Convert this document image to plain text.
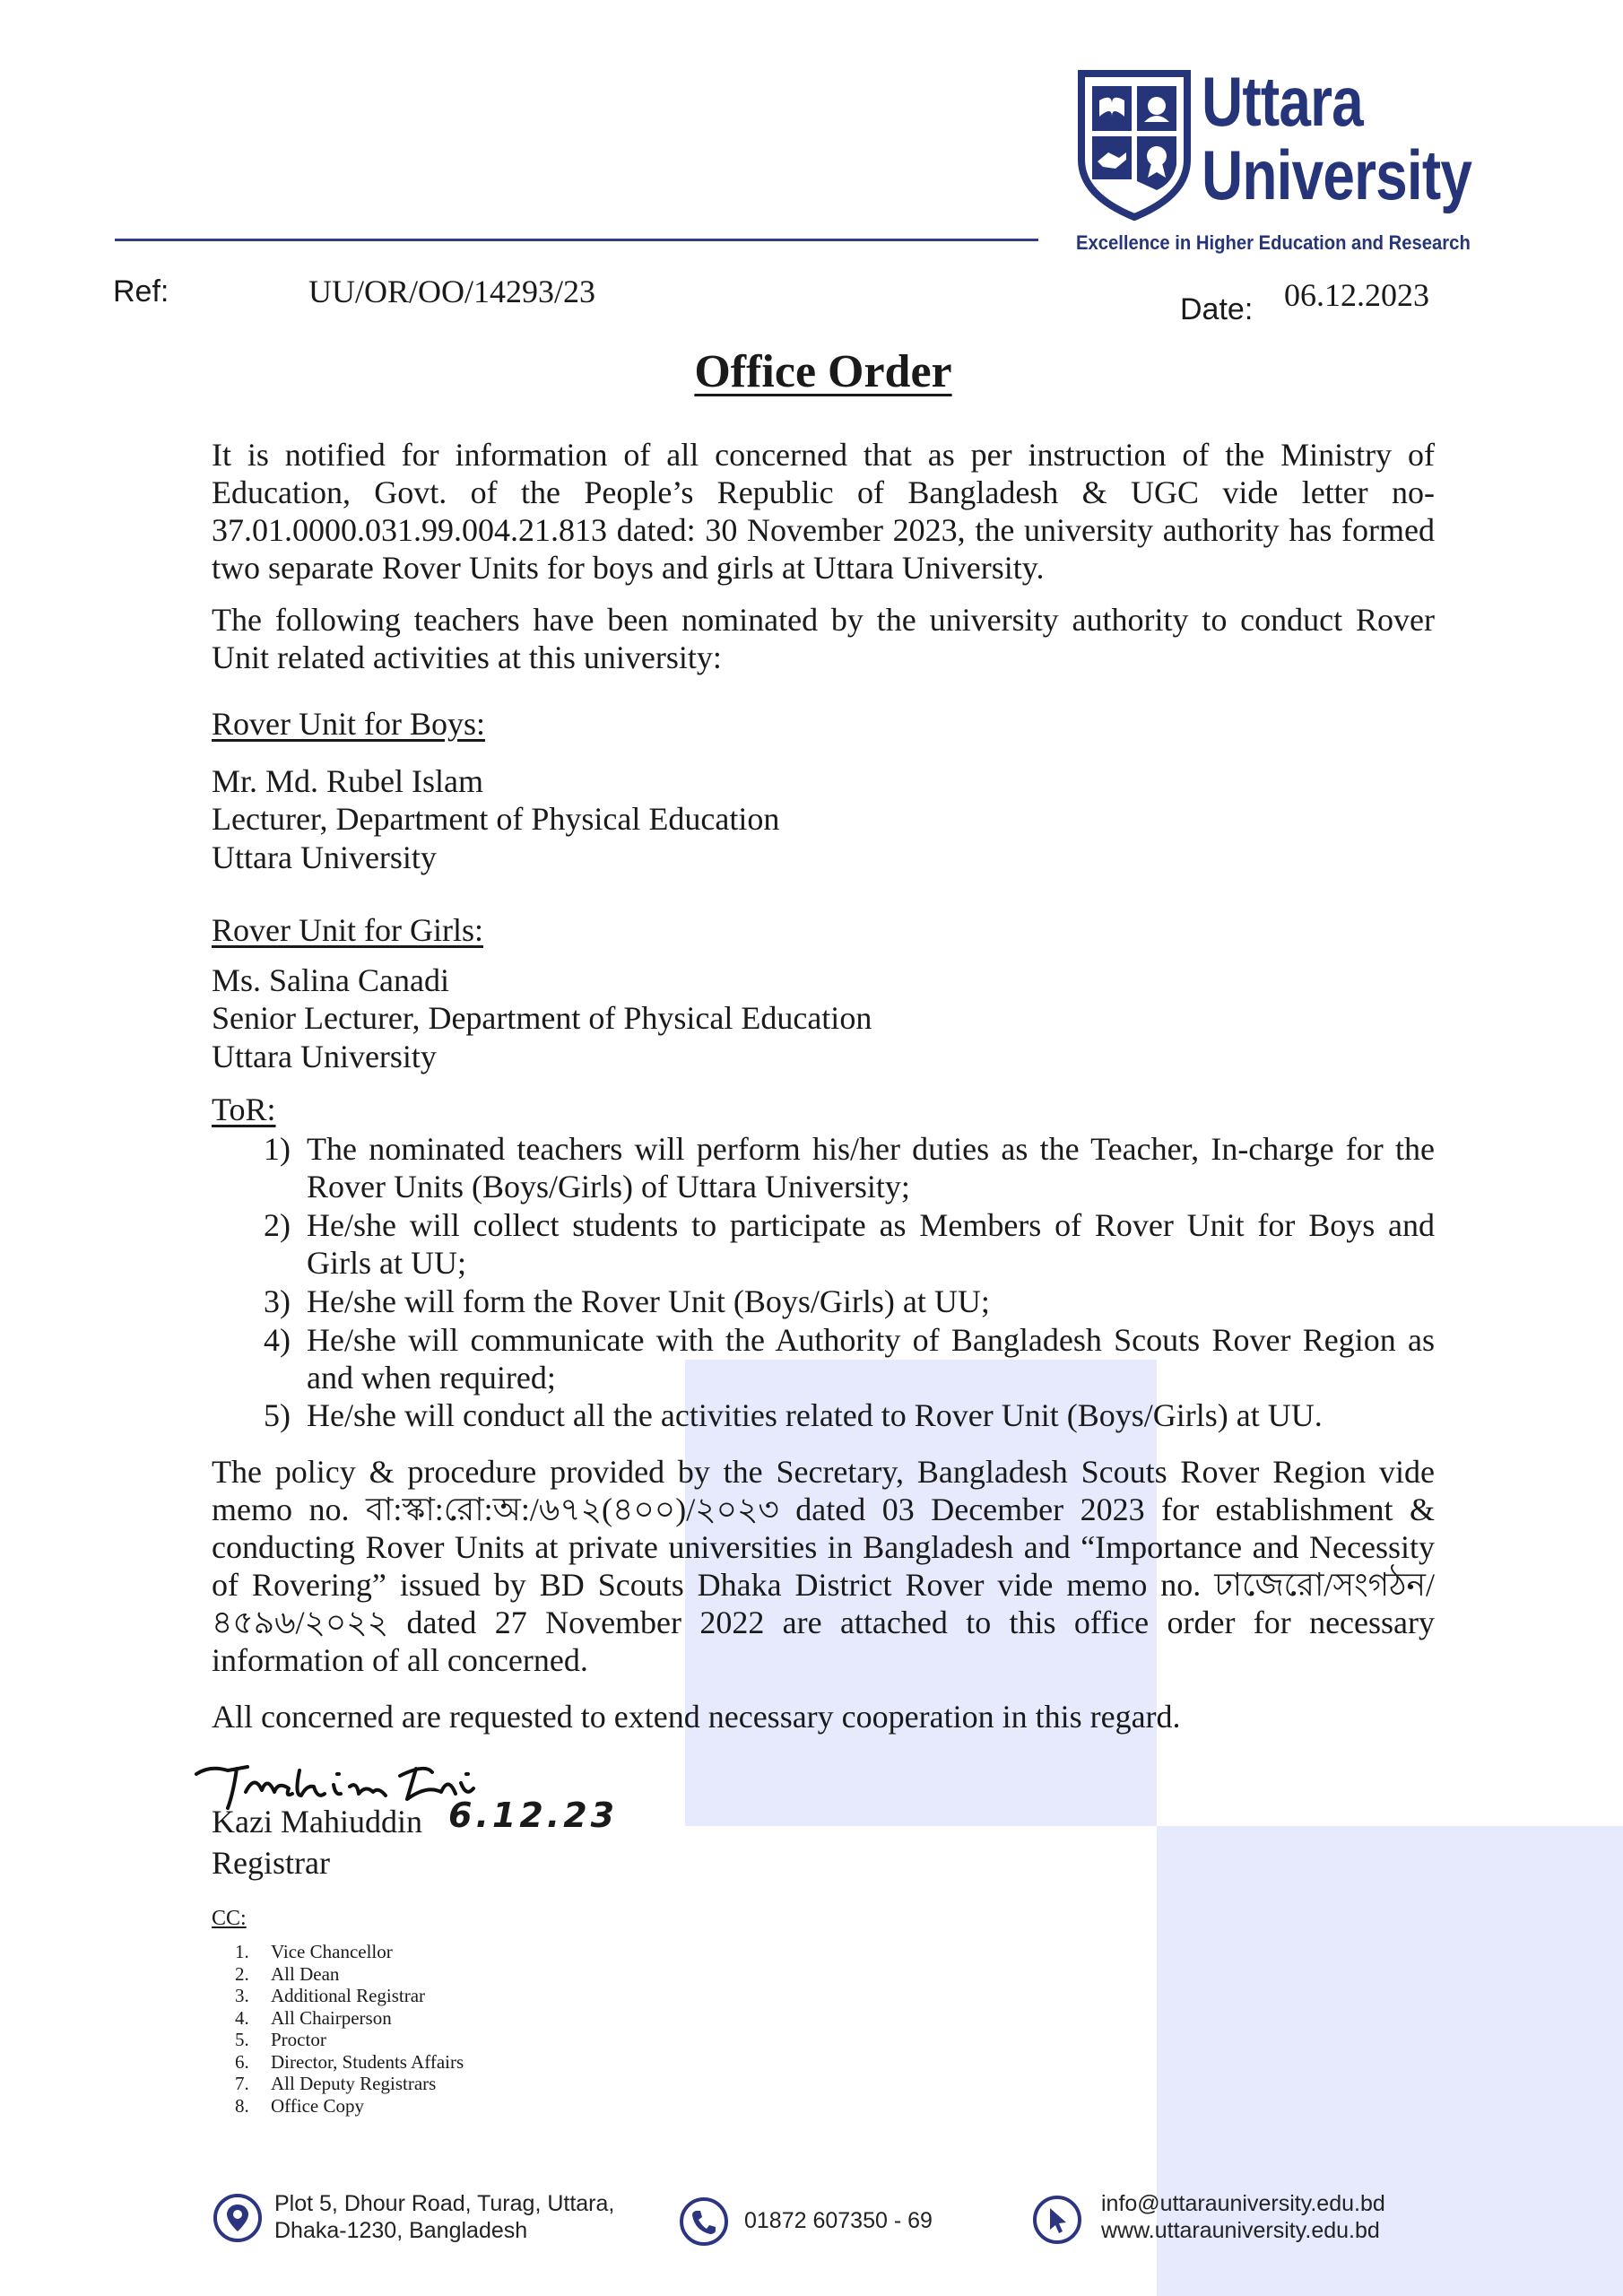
Uttara
University
Excellence in Higher Education and Research
Ref:	UU/OR/OO/14293/23	Date: 06.12.2023
Office Order
It is notified for information of all concerned that as per instruction of the Ministry of Education, Govt. of the People’s Republic of Bangladesh & UGC vide letter no-37.01.0000.031.99.004.21.813 dated: 30 November 2023, the university authority has formed two separate Rover Units for boys and girls at Uttara University.
The following teachers have been nominated by the university authority to conduct Rover Unit related activities at this university:
Rover Unit for Boys:
Mr. Md. Rubel Islam
Lecturer, Department of Physical Education
Uttara University
Rover Unit for Girls:
Ms. Salina Canadi
Senior Lecturer, Department of Physical Education
Uttara University
ToR:
1) The nominated teachers will perform his/her duties as the Teacher, In-charge for the Rover Units (Boys/Girls) of Uttara University;
2) He/she will collect students to participate as Members of Rover Unit for Boys and Girls at UU;
3) He/she will form the Rover Unit (Boys/Girls) at UU;
4) He/she will communicate with the Authority of Bangladesh Scouts Rover Region as and when required;
5) He/she will conduct all the activities related to Rover Unit (Boys/Girls) at UU.
The policy & procedure provided by the Secretary, Bangladesh Scouts Rover Region vide memo no. বা:স্কা:রো:অ:/৬৭২(৪০০)/২০২৩ dated 03 December 2023 for establishment & conducting Rover Units at private universities in Bangladesh and “Importance and Necessity of Rovering” issued by BD Scouts Dhaka District Rover vide memo no. ঢাজেরো/সংগঠন/৪৫৯৬/২০২২ dated 27 November 2022 are attached to this office order for necessary information of all concerned.
All concerned are requested to extend necessary cooperation in this regard.
Kazi Mahiuddin 6.12.23
Registrar
CC:
1. Vice Chancellor
2. All Dean
3. Additional Registrar
4. All Chairperson
5. Proctor
6. Director, Students Affairs
7. All Deputy Registrars
8. Office Copy
Plot 5, Dhour Road, Turag, Uttara,
Dhaka-1230, Bangladesh	01872 607350 - 69
info@uttarauniversity.edu.bd
www.uttarauniversity.edu.bd
